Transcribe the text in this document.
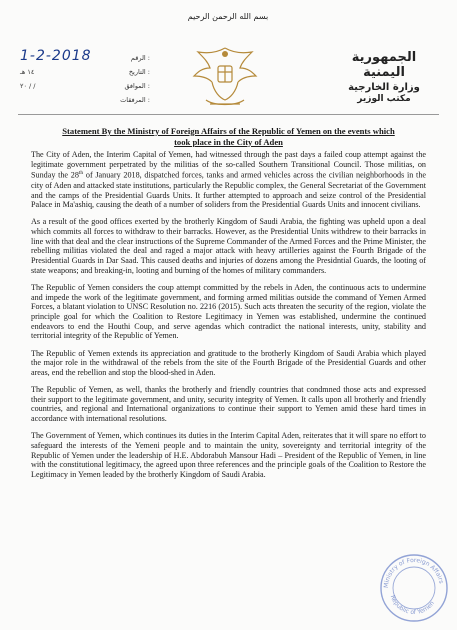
بسم الله الرحمن الرحيم
1-2-2018	الرقم :
١٤ هـ	التاريخ :
٢٠ / /	الموافق :
المرفقات :
الجمهورية اليمنية
وزارة الخارجية
مكتب الوزير
Statement By the Ministry of Foreign Affairs of the Republic of Yemen on the events which
took place in the City of Aden

The City of Aden, the Interim Capital of Yemen, had witnessed through the past days a failed coup attempt against the legitimate government perpetrated by the militias of the so-called Southern Transitional Council. Those militias, on Sunday the 28th of January 2018, dispatched forces, tanks and armed vehicles across the civilian neighborhoods in the city of Aden and attacked state institutions, particularly the Republic complex, the General Secretariat of the Government and the camps of the Presidential Guards Units. It further attempted to approach and seize control of the Presidential Palace in Ma'ashiq, causing the death of a number of soliders from the Presidential Guards Units and innocent civilians.

As a result of the good offices exerted by the brotherly Kingdom of Saudi Arabia, the fighting was upheld upon a deal which commits all forces to withdraw to their barracks. However, as the Presidential Units withdrew to their barracks in line with that deal and the clear instructions of the Supreme Commander of the Armed Forces and the Prime Minister, the rebelling militias violated the deal and raged a major attack with heavy artilleries against the Fourth Brigade of the Presidential Guards in Dar Saad. This caused deaths and injuries of dozens among the Presidntial Guards, the looting of state weapons; and breaking-in, looting and burning of the homes of military commanders.

The Republic of Yemen considers the coup attempt committed by the rebels in Aden, the continuous acts to undermine and impede the work of the legitimate government, and forming armed militias outside the command of Yemen Armed Forces, a blatant violation to UNSC Resolution no. 2216 (2015). Such acts threaten the security of the region, violate the principle goal for which the Coalition to Restore Legitimacy in Yemen was established, undermine the continued endeavors to end the Houthi Coup, and serve agendas which contradict the national interests, unity, stability and territorial integrity of the Republic of Yemen.

The Republic of Yemen extends its appreciation and gratitude to the brotherly Kingdom of Saudi Arabia which played the major role in the withdrawal of the rebels from the site of the Fourth Brigade of the Presidential Guards and other areas, end the rebellion and stop the blood-shed in Aden.

The Republic of Yemen, as well, thanks the brotherly and friendly countries that condmned those acts and expressed their support to the legitimate government, and unity, security integrity of Yemen. It calls upon all brotherly and friendly countries, and regional and International organizations to continue their support to Yemen amid these hard times in accordance with international resolutions.

The Government of Yemen, which continues its duties in the Interim Capital Aden, reiterates that it will spare no effort to safeguard the interests of the Yemeni people and to maintain the unity, sovereignty and territorial integrity of the Republic of Yemen under the leadership of H.E. Abdorabuh Mansour Hadi – President of the Republic of Yemen, in line with the constitutional legitimacy, the agreed upon three references and the principle goals of the Coalition to Restore the Legitimacy in Yemen leaded by the brotherly Kingdom of Saudi Arabia.

Ministry of Foreign Affairs
Republic of Yemen
